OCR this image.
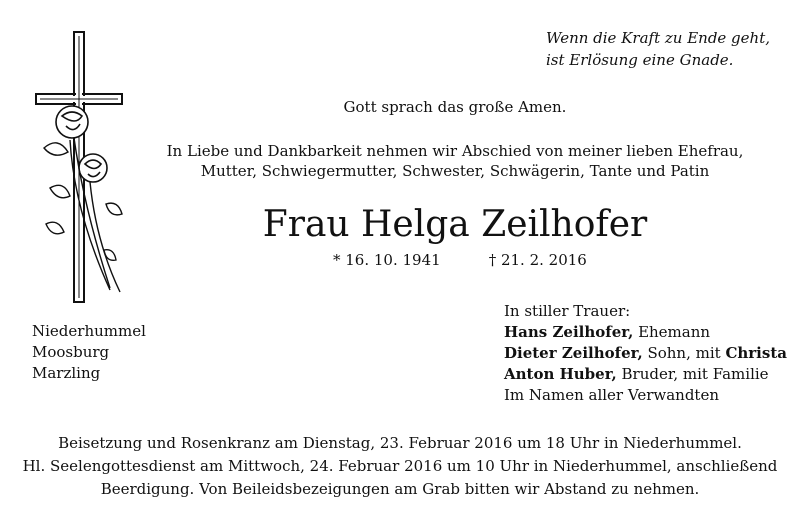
Wenn die Kraft zu Ende geht,
ist Erlösung eine Gnade.
Gott sprach das große Amen.
In Liebe und Dankbarkeit nehmen wir Abschied von meiner lieben Ehefrau,
Mutter, Schwiegermutter, Schwester, Schwägerin, Tante und Patin
Frau Helga Zeilhofer
* 16. 10. 1941	† 21. 2. 2016
Niederhummel
Moosburg
Marzling
In stiller Trauer:
Hans Zeilhofer, Ehemann
Dieter Zeilhofer, Sohn, mit Christa
Anton Huber, Bruder, mit Familie
Im Namen aller Verwandten
Beisetzung und Rosenkranz am Dienstag, 23. Februar 2016 um 18 Uhr in Niederhummel.
Hl. Seelengottesdienst am Mittwoch, 24. Februar 2016 um 10 Uhr in Niederhummel, anschließend
Beerdigung. Von Beileidsbezeigungen am Grab bitten wir Abstand zu nehmen.
